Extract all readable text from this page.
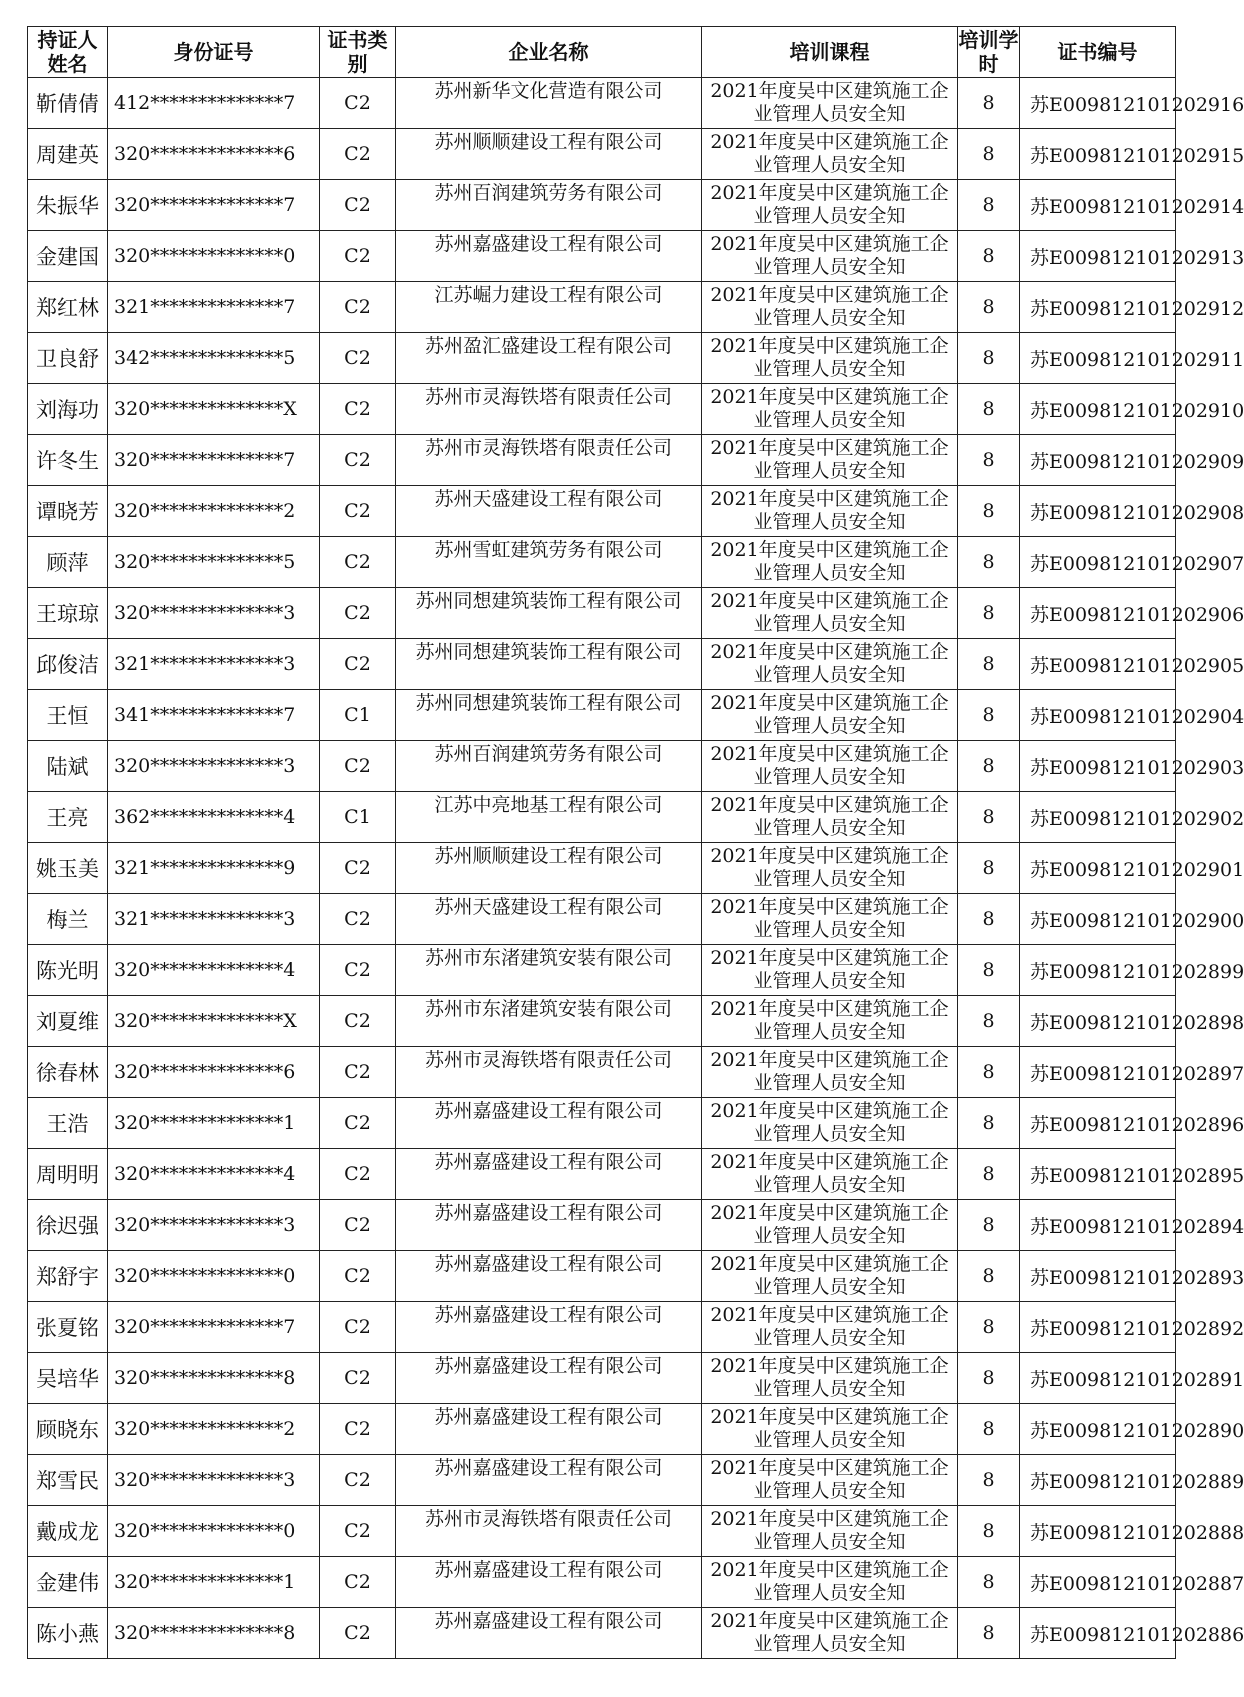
持证人姓名	身份证号	证书类别	企业名称	培训课程	培训学时	证书编号
靳倩倩	412**************7	C2	苏州新华文化营造有限公司	2021年度吴中区建筑施工企业管理人员安全知	8	苏E009812101202916
周建英	320**************6	C2	苏州顺顺建设工程有限公司	2021年度吴中区建筑施工企业管理人员安全知	8	苏E009812101202915
朱振华	320**************7	C2	苏州百润建筑劳务有限公司	2021年度吴中区建筑施工企业管理人员安全知	8	苏E009812101202914
金建国	320**************0	C2	苏州嘉盛建设工程有限公司	2021年度吴中区建筑施工企业管理人员安全知	8	苏E009812101202913
郑红林	321**************7	C2	江苏崛力建设工程有限公司	2021年度吴中区建筑施工企业管理人员安全知	8	苏E009812101202912
卫良舒	342**************5	C2	苏州盈汇盛建设工程有限公司	2021年度吴中区建筑施工企业管理人员安全知	8	苏E009812101202911
刘海功	320**************X	C2	苏州市灵海铁塔有限责任公司	2021年度吴中区建筑施工企业管理人员安全知	8	苏E009812101202910
许冬生	320**************7	C2	苏州市灵海铁塔有限责任公司	2021年度吴中区建筑施工企业管理人员安全知	8	苏E009812101202909
谭晓芳	320**************2	C2	苏州天盛建设工程有限公司	2021年度吴中区建筑施工企业管理人员安全知	8	苏E009812101202908
顾萍	320**************5	C2	苏州雪虹建筑劳务有限公司	2021年度吴中区建筑施工企业管理人员安全知	8	苏E009812101202907
王琼琼	320**************3	C2	苏州同想建筑装饰工程有限公司	2021年度吴中区建筑施工企业管理人员安全知	8	苏E009812101202906
邱俊洁	321**************3	C2	苏州同想建筑装饰工程有限公司	2021年度吴中区建筑施工企业管理人员安全知	8	苏E009812101202905
王恒	341**************7	C1	苏州同想建筑装饰工程有限公司	2021年度吴中区建筑施工企业管理人员安全知	8	苏E009812101202904
陆斌	320**************3	C2	苏州百润建筑劳务有限公司	2021年度吴中区建筑施工企业管理人员安全知	8	苏E009812101202903
王亮	362**************4	C1	江苏中亮地基工程有限公司	2021年度吴中区建筑施工企业管理人员安全知	8	苏E009812101202902
姚玉美	321**************9	C2	苏州顺顺建设工程有限公司	2021年度吴中区建筑施工企业管理人员安全知	8	苏E009812101202901
梅兰	321**************3	C2	苏州天盛建设工程有限公司	2021年度吴中区建筑施工企业管理人员安全知	8	苏E009812101202900
陈光明	320**************4	C2	苏州市东渚建筑安装有限公司	2021年度吴中区建筑施工企业管理人员安全知	8	苏E009812101202899
刘夏维	320**************X	C2	苏州市东渚建筑安装有限公司	2021年度吴中区建筑施工企业管理人员安全知	8	苏E009812101202898
徐春林	320**************6	C2	苏州市灵海铁塔有限责任公司	2021年度吴中区建筑施工企业管理人员安全知	8	苏E009812101202897
王浩	320**************1	C2	苏州嘉盛建设工程有限公司	2021年度吴中区建筑施工企业管理人员安全知	8	苏E009812101202896
周明明	320**************4	C2	苏州嘉盛建设工程有限公司	2021年度吴中区建筑施工企业管理人员安全知	8	苏E009812101202895
徐迟强	320**************3	C2	苏州嘉盛建设工程有限公司	2021年度吴中区建筑施工企业管理人员安全知	8	苏E009812101202894
郑舒宇	320**************0	C2	苏州嘉盛建设工程有限公司	2021年度吴中区建筑施工企业管理人员安全知	8	苏E009812101202893
张夏铭	320**************7	C2	苏州嘉盛建设工程有限公司	2021年度吴中区建筑施工企业管理人员安全知	8	苏E009812101202892
吴培华	320**************8	C2	苏州嘉盛建设工程有限公司	2021年度吴中区建筑施工企业管理人员安全知	8	苏E009812101202891
顾晓东	320**************2	C2	苏州嘉盛建设工程有限公司	2021年度吴中区建筑施工企业管理人员安全知	8	苏E009812101202890
郑雪民	320**************3	C2	苏州嘉盛建设工程有限公司	2021年度吴中区建筑施工企业管理人员安全知	8	苏E009812101202889
戴成龙	320**************0	C2	苏州市灵海铁塔有限责任公司	2021年度吴中区建筑施工企业管理人员安全知	8	苏E009812101202888
金建伟	320**************1	C2	苏州嘉盛建设工程有限公司	2021年度吴中区建筑施工企业管理人员安全知	8	苏E009812101202887
陈小燕	320**************8	C2	苏州嘉盛建设工程有限公司	2021年度吴中区建筑施工企业管理人员安全知	8	苏E009812101202886
